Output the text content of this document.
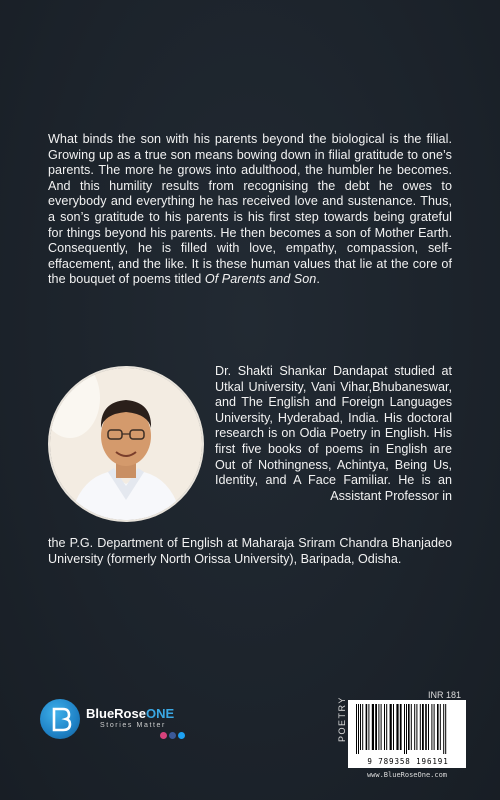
What binds the son with his parents beyond the biological is the filial. Growing up as a true son means bowing down in filial gratitude to one’s parents. The more he grows into adulthood, the humbler he becomes. And this humility results from recognising the debt he owes to everybody and everything he has received love and sustenance. Thus, a son’s gratitude to his parents is his first step towards being grateful for things beyond his parents. He then becomes a son of Mother Earth. Consequently, he is filled with love, empathy, compassion, self-effacement, and the like. It is these human values that lie at the core of the bouquet of poems titled Of Parents and Son.
Dr. Shakti Shankar Dandapat studied at Utkal University, Vani Vihar,Bhubaneswar, and The English and Foreign Languages University, Hyderabad, India. His doctoral research is on Odia Poetry in English. His first five books of poems in English are Out of Nothingness, Achintya, Being Us, Identity, and A Face Familiar. He is an Assistant Professor in
the P.G. Department of English at Maharaja Sriram Chandra Bhanjadeo University (formerly North Orissa University), Baripada, Odisha.
BlueRoseONE
Stories Matter
INR 181
POETRY
9 789358 196191
www.BlueRoseOne.com
